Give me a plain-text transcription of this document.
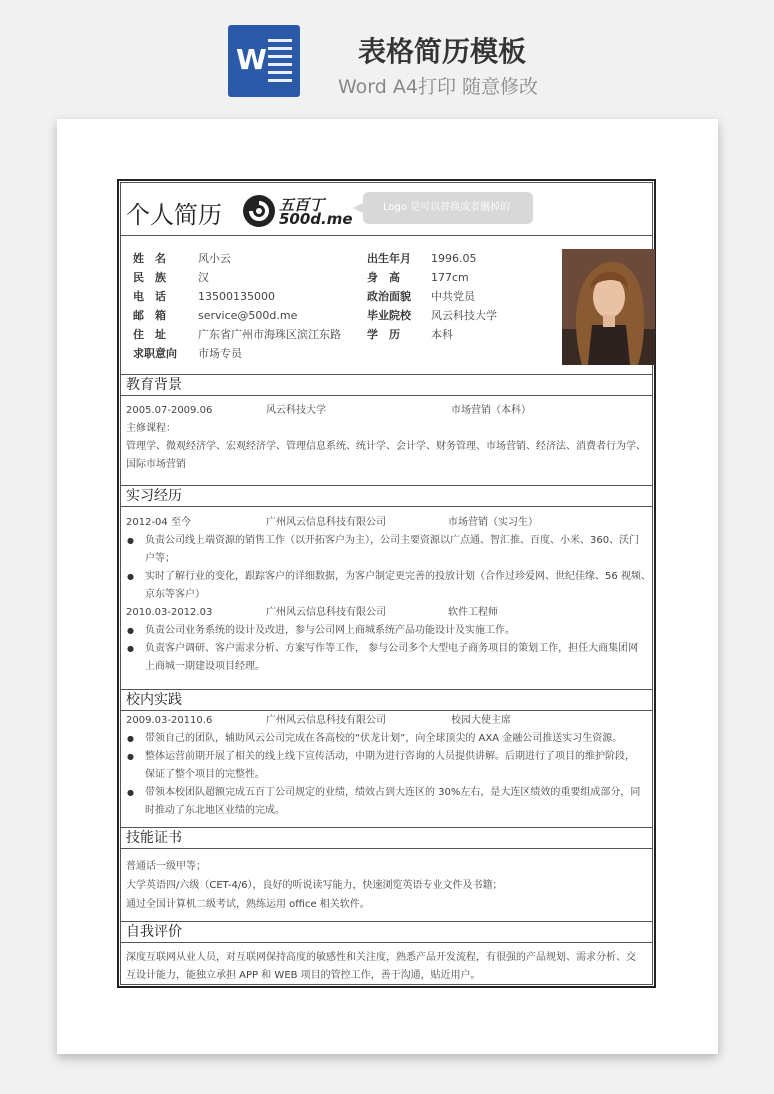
W	表格简历模板
Word A4打印 随意修改
个人简历	五百丁
500d.me
Logo 是可以替换或者删掉的
姓　名	风小云	出生年月 1996.05
民　族	汉	身　高	177cm
电　话	13500135000	政治面貌 中共党员
邮　箱	service@500d.me	毕业院校 风云科技大学
住　址	广东省广州市海珠区滨江东路 学　历	本科
求职意向 市场专员
教育背景
2005.07-2009.06	风云科技大学	市场营销（本科）
主修课程：
管理学、微观经济学、宏观经济学、管理信息系统、统计学、会计学、财务管理、市场营销、经济法、消费者行为学、
国际市场营销
实习经历
2012-04 至今	广州风云信息科技有限公司	市场营销（实习生）
● 负责公司线上端资源的销售工作（以开拓客户为主），公司主要资源以广点通、智汇推、百度、小米、360、沃门
户等；
● 实时了解行业的变化，跟踪客户的详细数据，为客户制定更完善的投放计划（合作过珍爱网、世纪佳缘、56 视频、
京东等客户）
2010.03-2012.03	广州风云信息科技有限公司	软件工程师
● 负责公司业务系统的设计及改进，参与公司网上商城系统产品功能设计及实施工作。
● 负责客户调研、客户需求分析、方案写作等工作， 参与公司多个大型电子商务项目的策划工作，担任大商集团网
上商城一期建设项目经理。
校内实践
2009.03-20110.6	广州风云信息科技有限公司	校园大使主席
● 带领自己的团队，辅助风云公司完成在各高校的“伏龙计划”，向全球顶尖的 AXA 金融公司推送实习生资源。
● 整体运营前期开展了相关的线上线下宣传活动，中期为进行咨询的人员提供讲解。后期进行了项目的维护阶段，
保证了整个项目的完整性。
● 带领本校团队超额完成五百丁公司规定的业绩，绩效占到大连区的 30%左右，是大连区绩效的重要组成部分，同
时推动了东北地区业绩的完成。
技能证书
普通话一级甲等；
大学英语四/六级（CET-4/6），良好的听说读写能力，快速浏览英语专业文件及书籍；
通过全国计算机二级考试，熟练运用 office 相关软件。
自我评价
深度互联网从业人员，对互联网保持高度的敏感性和关注度，熟悉产品开发流程，有很强的产品规划、需求分析、交
互设计能力，能独立承担 APP 和 WEB 项目的管控工作，善于沟通，贴近用户。
